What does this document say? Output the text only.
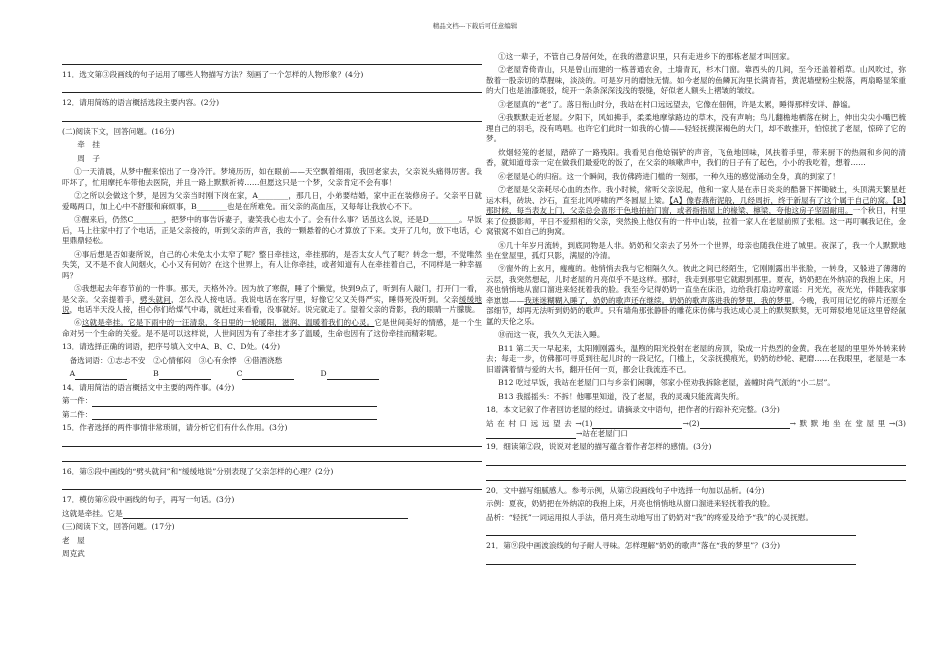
精品文档---下载后可任意编辑

11．选文第③段画线的句子运用了哪些人物描写方法？刻画了一个怎样的人物形象？(4分)

12．请用简练的语言概括选段主要内容。(2分)

(二)阅读下文，回答问题。(16分)

牵　挂

周　子

①一天清晨，从梦中醒来惊出了一身冷汗。梦境历历，如在眼前——天空飘着细雨，我回老家去，父亲说头痛得厉害。我吓坏了，忙用摩托车带他去医院，并且一路上默默祈祷……但愿这只是一个梦，父亲肯定不会有事！

②之所以会做这个梦，是因为父亲当时刚下岗在家，A________，那几日，小弟要结婚，家中正在装修房子。父亲平日就爱喝两口，加上心中不舒服和麻烦事，B________也是在所难免。而父亲的高血压，又每每让我放心不下。

③醒来后，仍然C________，把梦中的事告诉妻子，妻笑我心也太小了。会有什么事？话虽这么说，还是D________。早饭后，马上往家中打了个电话，正是父亲接的，听到父亲的声音，我的一颗悬着的心才算放了下来。支开了几句，放下电话，心里鼎鼎轻松。

④事后想是否如妻所说，自己的心未免太小太窄了呢？整日牵挂这，牵挂那的，是否太女人气了呢？转念一想，不觉唯然失笑，又不是不食人间烟火，心小又有何妨？在这个世界上，有人让你牵挂，或者知道有人在牵挂着自己，不同样是一种幸福吗？

⑤我想起去年春节前的一件事。那天，天格外冷。因为放了寒假，睡了个懒觉，快到9点了，听到有人敲门，打开门一看，是父亲。父亲提着手，劈头就问，怎么没人接电话。我说电话在客厅里，好像它父又关得严实，睡得死没听到。父亲缓缓地说，电话半天没人接，担心你们给煤气中毒，就赶过来看看，没事就好。说完就走了。望着父亲的背影，我的眼睛一片朦胧。

⑥这就是牵挂。它是下雨中的一汪清泉，冬日里的一轮暖阳，滋润、温暖着我们的心灵。它是世间美好的情感，是一个生命对另一个生命的关爱。是不是可以这样说，人世间因为有了牵挂才多了温暖，生命也因有了这份牵挂而精彩呢。

13．请选择正确的词语，把序号填入文中A、B、C、D处。(4分)

备选词语：①志忐不安　②心情郁闷　③心有余悸　④借酒浇愁

A	B	C	D

14．请用简洁的语言概括文中主要的两件事。(4分)

第一件：

第二件：

15．作者选择的两件事情非常琐屑，请分析它们有什么作用。(3分)

16．第⑤段中画线的“劈头就问”和“缓缓地说”分别表现了父亲怎样的心理？(2分)

17．模仿第⑥段中画线的句子，再写一句话。(3分)

这就是牵挂。它是

(三)阅读下文，回答问题。(17分)

老　屋

周克武

①这一辈子，不管自己身居何处，在我的潜意识里，只有走进乡下的那栋老屋才叫回家。

②老屋背倚青山，只是曾山而建的一栋普通农舍，土墙青瓦，杉木门窗。靠西头的几间，至今还盖着稻草。山风吹过，弥散着一股亲切的草腥味，淡淡的。可是岁月的磨蚀无情。如今老屋的鱼鳞瓦沟里长满青苔，黄泥墙壁粉尘脱落，两扇略显笨重的大门也是油漆斑驳，绽开一条条深深浅浅的裂缝，好似老人额头上褶皱的皱纹。

③老屋真的“老”了。落日衔山时分，我站在村口远远望去，它像在佃佣，许是太累，睡得那样安详、静谧。

④我默默走近老屋。夕阳下，风如拂手，柔柔地摩挲路边的草木，没有声响；鸟儿翻檐地栖落在树上，伸出尖尖小嘴巴梳理自己的羽毛，没有鸣唱。也许它们此时一如我的心情——轻轻抚摸深褐色的大门，却不敢推开，怕惊扰了老屋，惊碎了它的梦。

炊烟轻笼的老屋，踏碎了一路残阳。我看见自他炝锅铲的声音，飞鱼地回味，风扶着手里，带来厨下的热闹和乡间的清香，就知道母亲一定在做我们最爱吃的饭了，在父亲的咳嗽声中，我们的日子有了起色，小小的我吃着，想着……

⑥老屋是心的归宿。这一个瞬间，我仿佛跨进门槛的一刻那，一种久违的感觉涌动全身，真的到家了！

⑦老屋是父亲耗尽心血的杰作。我小时候，常听父亲说起，他和一家人是在赤日炎炎的酷暑下挥锄破土，头顶满天繁星赶运木料，砖块、沙石，直至北风呼啸的严冬圆屋上梁。【A】像春燕衔泥般，几经周折，终于新屋有了这个属于自己的窝。【B】那时候，每当表友上门，父亲总会喜形于色地拍拍门窗，或者指指屋上的椽梁、檩梁，夸他这房子坚固耐用。一个秋日，村里来了位摄影师，平日不爱照相的父亲，突然换上他仅有的一件中山装，拉着一家人在老屋前照了张相。这一再叮嘱我记住，金窝银窝不如自己的狗窝。

⑧几十年岁月流转，到底同物是人非。奶奶和父亲去了另外一个世界，母亲也随我住进了城里。夜深了，我一个人默默地坐在堂屋里，孤灯只影，满屋的冷清。

⑨窗外的上玄月，瘦瘦的。他悄悄去我与它相隔久久。彼此之间已经陌生，它刚刚露出半张脸，一转身，又躲进了薄薄的云层，我突然想起，儿时老屋的月亮似乎不是这样。那时，我走到那里它就跟到那里。夏夜，奶奶把在外纳凉的我抱上床，月亮也悄悄地从窗口溜进来轻抚着我的脸。我至今记得奶奶一直坐在床沿，边给我打扇边哼童谣：月光光，夜光光，伴随我家事牵崽崽——我迷迷糊糊入睡了，奶奶的歌声还在继续。奶奶的歌声落进我的梦里，我的梦里。今晚，我可用记忆的碎片还原全部细节，却再无法听到奶奶的歌声。只有墙角那张静卧的雕花床仿佛与我达成心灵上的默契默契，无可辩驳地见证这里曾经氤氲的天伦之乐。

⑩而这一夜，我久久无法入睡。

B11 第二天一早起来，太阳刚刚露头，温煦的阳光投射在老屋的房顶，染成一片热烈的金黄。我在老屋的里里外外转来转去；每走一步，仿佛都可寻觅到往起儿时的一段记忆，门槛上，父亲抚摸痕光，奶奶纺纱轮、耙磨……在我眼里，老屋是一本旧谱满着情与爱的大书，翻开任何一页，都会让我流连不已。

B12 吃过早饭，我站在老屋门口与乡亲们闲聊，邻家小侄劝我拆除老屋，盖幢时尚气派的“小二层”。

B13 我摇摇头：不拆！他哪里知道，没了老屋，我的灵魂只能流离失所。

18．本文记叙了作者回访老屋的经过。请摘录文中语句，把作者的行踪补充完整。(3分)

站在村口远远望去→(1)	→(2)	→默默地坐在堂屋里→(3)→站在老屋门口

19．细读第②段，说说对老屋的描写蕴含着作者怎样的感情。(3分)

20．文中描写细腻感人。参考示例，从第⑦段画线句子中选择一句加以品析。(4分)

示例：夏夜，奶奶把在外纳凉的我抱上床，月亮也悄悄地从窗口溜进来轻抚着我的脸。

品析：“轻抚”一词运用拟人手法，借月亮生动地写出了奶奶对“我”的疼爱及给予“我”的心灵抚慰。

21．第⑨段中画波浪线的句子耐人寻味。怎样理解“奶奶的歌声”落在“我的梦里”？(3分)
